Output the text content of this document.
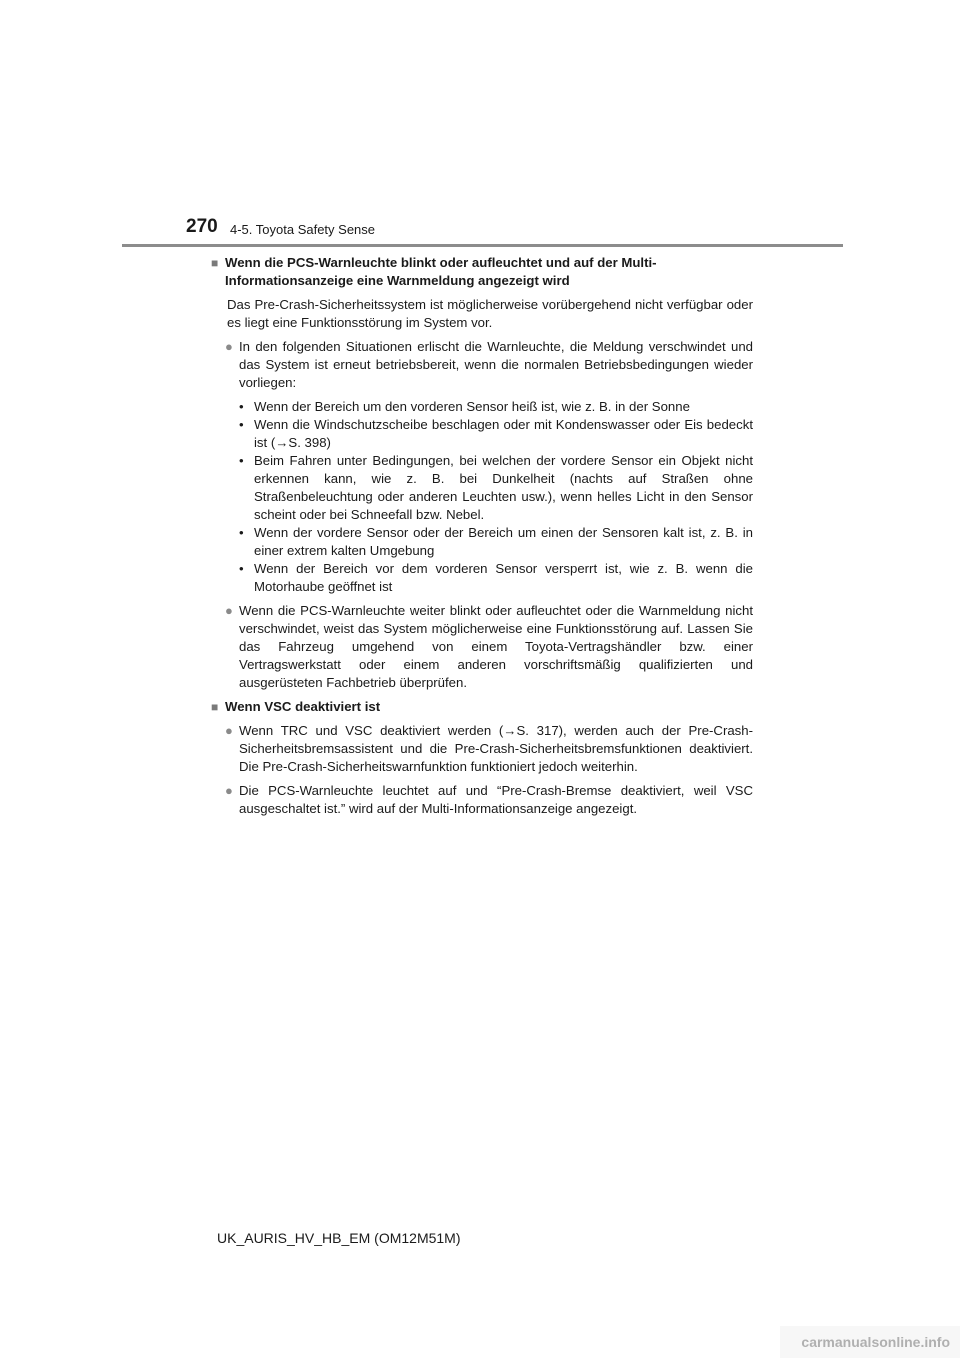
270 4-5. Toyota Safety Sense
■ Wenn die PCS-Warnleuchte blinkt oder aufleuchtet und auf der Multi-Informationsanzeige eine Warnmeldung angezeigt wird
Das Pre-Crash-Sicherheitssystem ist möglicherweise vorübergehend nicht verfügbar oder es liegt eine Funktionsstörung im System vor.
● In den folgenden Situationen erlischt die Warnleuchte, die Meldung verschwindet und das System ist erneut betriebsbereit, wenn die normalen Betriebsbedingungen wieder vorliegen:
• Wenn der Bereich um den vorderen Sensor heiß ist, wie z. B. in der Sonne
• Wenn die Windschutzscheibe beschlagen oder mit Kondenswasser oder Eis bedeckt ist (→S. 398)
• Beim Fahren unter Bedingungen, bei welchen der vordere Sensor ein Objekt nicht erkennen kann, wie z. B. bei Dunkelheit (nachts auf Straßen ohne Straßenbeleuchtung oder anderen Leuchten usw.), wenn helles Licht in den Sensor scheint oder bei Schneefall bzw. Nebel.
• Wenn der vordere Sensor oder der Bereich um einen der Sensoren kalt ist, z. B. in einer extrem kalten Umgebung
• Wenn der Bereich vor dem vorderen Sensor versperrt ist, wie z. B. wenn die Motorhaube geöffnet ist
● Wenn die PCS-Warnleuchte weiter blinkt oder aufleuchtet oder die Warnmeldung nicht verschwindet, weist das System möglicherweise eine Funktionsstörung auf. Lassen Sie das Fahrzeug umgehend von einem Toyota-Vertragshändler bzw. einer Vertragswerkstatt oder einem anderen vorschriftsmäßig qualifizierten und ausgerüsteten Fachbetrieb überprüfen.
■ Wenn VSC deaktiviert ist
● Wenn TRC und VSC deaktiviert werden (→S. 317), werden auch der Pre-Crash-Sicherheitsbremsassistent und die Pre-Crash-Sicherheitsbremsfunktionen deaktiviert. Die Pre-Crash-Sicherheitswarnfunktion funktioniert jedoch weiterhin.
● Die PCS-Warnleuchte leuchtet auf und “Pre-Crash-Bremse deaktiviert, weil VSC ausgeschaltet ist.” wird auf der Multi-Informationsanzeige angezeigt.
UK_AURIS_HV_HB_EM (OM12M51M)
carmanualsonline.info
